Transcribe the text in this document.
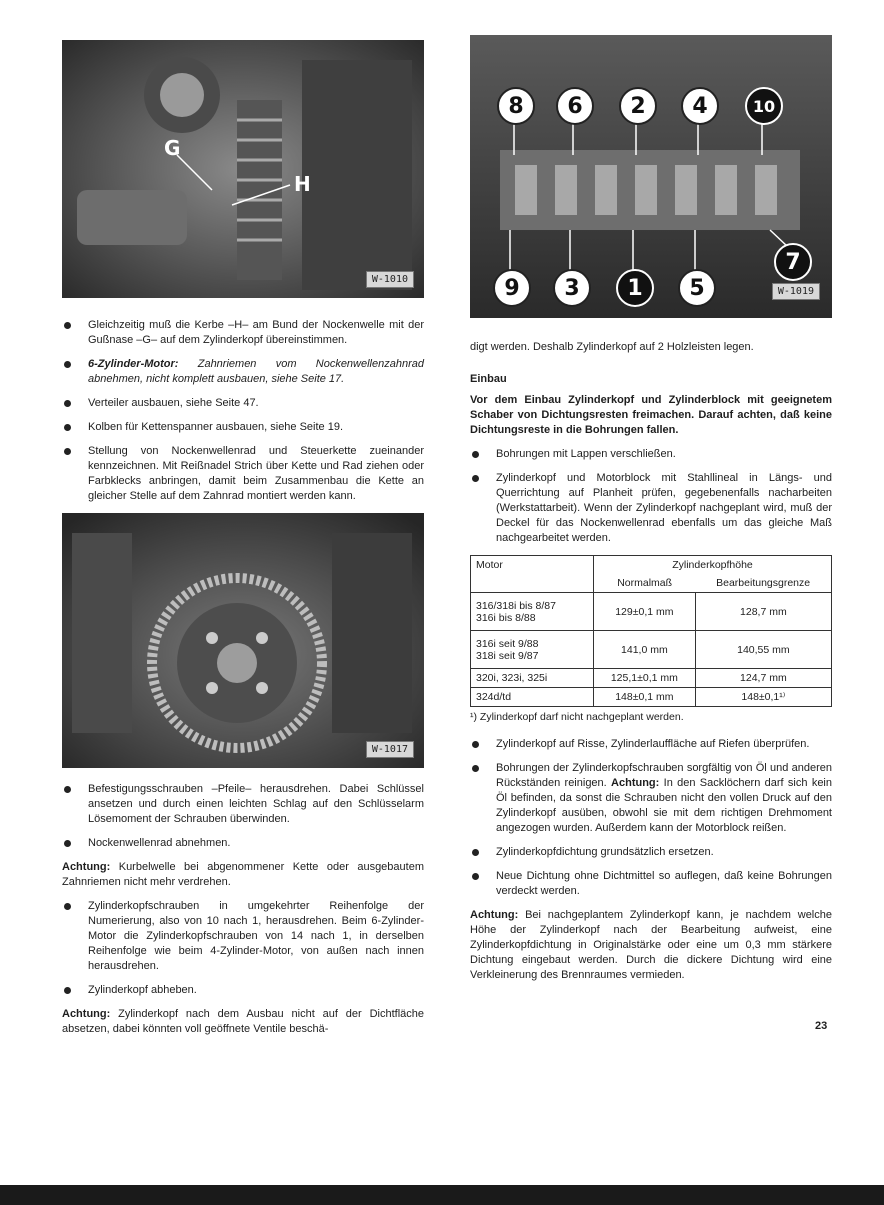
G
H
W-1010

Gleichzeitig muß die Kerbe –H– am Bund der Nockenwelle mit der Gußnase –G– auf dem Zylinderkopf übereinstimmen.

6-Zylinder-Motor: Zahnriemen vom Nockenwellenzahnrad abnehmen, nicht komplett ausbauen, siehe Seite 17.

Verteiler ausbauen, siehe Seite 47.

Kolben für Kettenspanner ausbauen, siehe Seite 19.

Stellung von Nockenwellenrad und Steuerkette zueinander kennzeichnen. Mit Reißnadel Strich über Kette und Rad ziehen oder Farbklecks anbringen, damit beim Zusammenbau die Kette an gleicher Stelle auf dem Zahnrad montiert werden kann.

W-1017

Befestigungsschrauben –Pfeile– herausdrehen. Dabei Schlüssel ansetzen und durch einen leichten Schlag auf den Schlüsselarm Lösemoment der Schrauben überwinden.

Nockenwellenrad abnehmen.

Achtung: Kurbelwelle bei abgenommener Kette oder ausgebautem Zahnriemen nicht mehr verdrehen.

Zylinderkopfschrauben in umgekehrter Reihenfolge der Numerierung, also von 10 nach 1, herausdrehen. Beim 6-Zylinder-Motor die Zylinderkopfschrauben von 14 nach 1, in derselben Reihenfolge wie beim 4-Zylinder-Motor, von außen nach innen herausdrehen.

Zylinderkopf abheben.

Achtung: Zylinderkopf nach dem Ausbau nicht auf der Dichtfläche absetzen, dabei könnten voll geöffnete Ventile beschä-

8	6	2	4	10
7
9	3	1	5	W-1019

digt werden. Deshalb Zylinderkopf auf 2 Holzleisten legen.

Einbau

Vor dem Einbau Zylinderkopf und Zylinderblock mit geeignetem Schaber von Dichtungsresten freimachen. Darauf achten, daß keine Dichtungsreste in die Bohrungen fallen.

Bohrungen mit Lappen verschließen.

Zylinderkopf und Motorblock mit Stahllineal in Längs- und Querrichtung auf Planheit prüfen, gegebenenfalls nacharbeiten (Werkstattarbeit). Wenn der Zylinderkopf nachgeplant wird, muß der Deckel für das Nockenwellenrad ebenfalls um das gleiche Maß nachgearbeitet werden.

Motor	Zylinderkopfhöhe	
	Normalmaß	Bearbeitungsgrenze
316/318i bis 8/87
316i bis 8/88	129±0,1 mm	128,7 mm
316i seit 9/88
318i seit 9/87	141,0 mm	140,55 mm
320i, 323i, 325i	125,1±0,1 mm	124,7 mm
324d/td	148±0,1 mm	148±0,1¹⁾

¹) Zylinderkopf darf nicht nachgeplant werden.

Zylinderkopf auf Risse, Zylinderlauffläche auf Riefen überprüfen.

Bohrungen der Zylinderkopfschrauben sorgfältig von Öl und anderen Rückständen reinigen. Achtung: In den Sacklöchern darf sich kein Öl befinden, da sonst die Schrauben nicht den vollen Druck auf den Zylinderkopf ausüben, obwohl sie mit dem richtigen Drehmoment angezogen wurden. Außerdem kann der Motorblock reißen.

Zylinderkopfdichtung grundsätzlich ersetzen.

Neue Dichtung ohne Dichtmittel so auflegen, daß keine Bohrungen verdeckt werden.

Achtung: Bei nachgeplantem Zylinderkopf kann, je nachdem welche Höhe der Zylinderkopf nach der Bearbeitung aufweist, eine Zylinderkopfdichtung in Originalstärke oder eine um 0,3 mm stärkere Dichtung eingebaut werden. Durch die dickere Dichtung wird eine Verkleinerung des Brennraumes vermieden.

23
